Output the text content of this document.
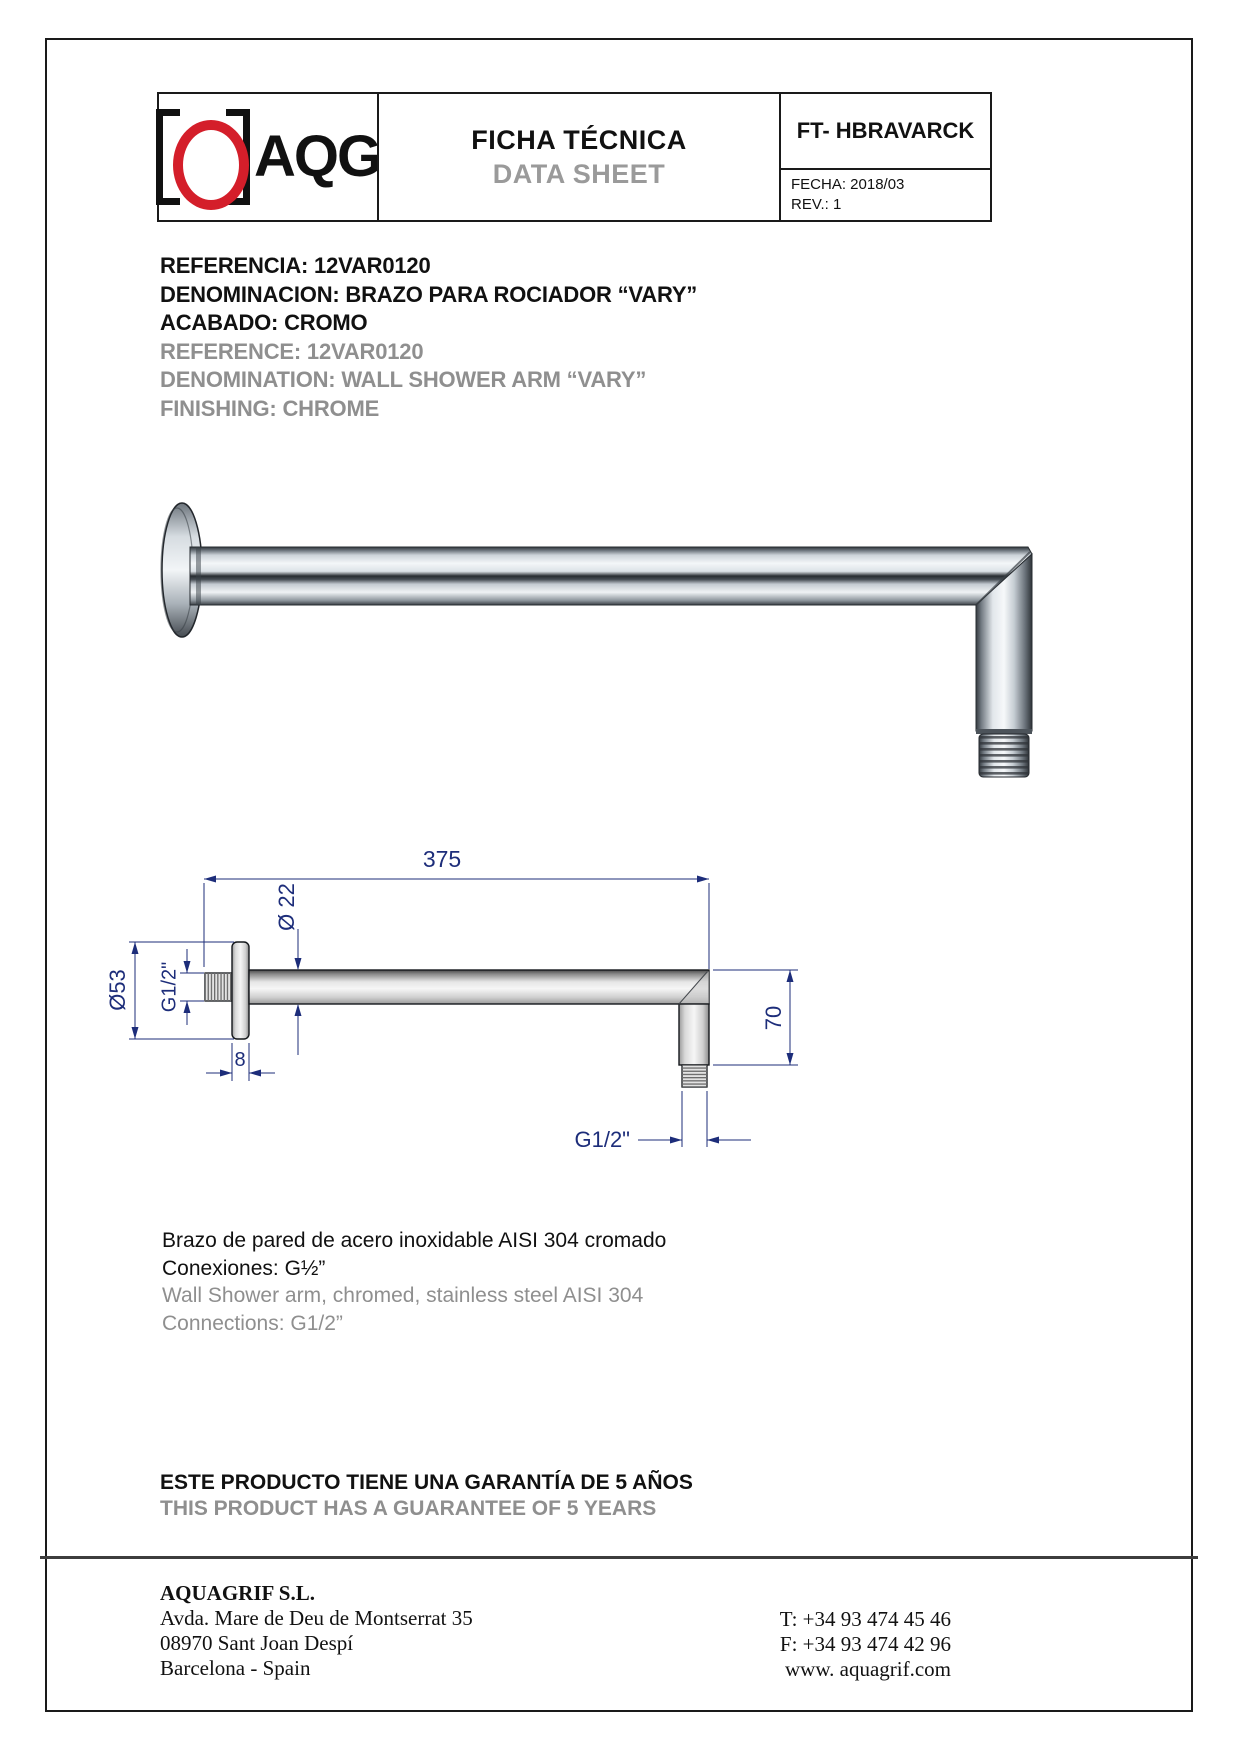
AQG	FICHA TÉCNICA
DATA SHEET
FT- HBRAVARCK
FECHA: 2018/03
REV.: 1
REFERENCIA: 12VAR0120
DENOMINACION: BRAZO PARA ROCIADOR “VARY”
ACABADO: CROMO
REFERENCE: 12VAR0120
DENOMINATION: WALL SHOWER ARM “VARY”
FINISHING: CHROME
375
Ø 22
Ø53 G1/2"
8
70
G1/2"
Brazo de pared de acero inoxidable AISI 304 cromado
Conexiones: G½”
Wall Shower arm, chromed, stainless steel AISI 304
Connections: G1/2”
ESTE PRODUCTO TIENE UNA GARANTÍA DE 5 AÑOS
THIS PRODUCT HAS A GUARANTEE OF 5 YEARS
AQUAGRIF S.L.
Avda. Mare de Deu de Montserrat 35
08970 Sant Joan Despí
Barcelona - Spain
T: +34 93 474 45 46
F: +34 93 474 42 96
www. aquagrif.com
